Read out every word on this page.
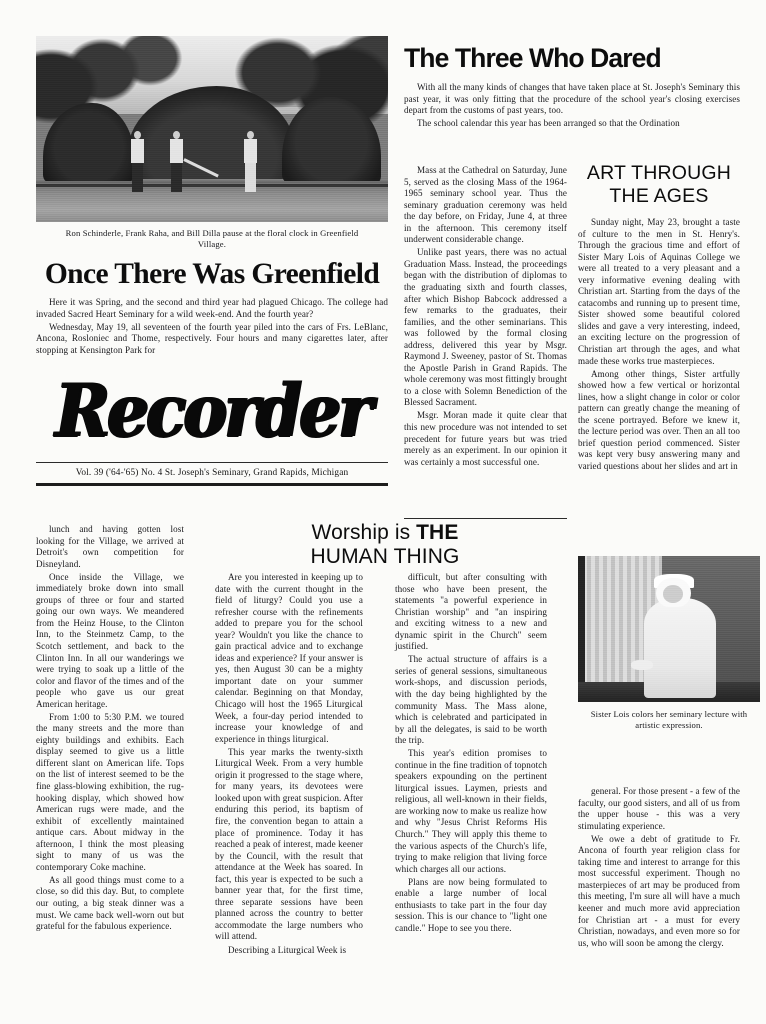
Ron Schinderle, Frank Raha, and Bill Dilla pause at the floral clock in Greenfield Village.
Once There Was Greenfield

Here it was Spring, and the second and third year had plagued Chicago. The college had invaded Sacred Heart Seminary for a wild week-end. And the fourth year?

Wednesday, May 19, all seventeen of the fourth year piled into the cars of Frs. LeBlanc, Ancona, Rosloniec and Thome, respectively. Four hours and many cigarettes later, after stopping at Kensington Park for

Recorder
Vol. 39 ('64-'65) No. 4 St. Joseph's Seminary, Grand Rapids, Michigan
The Three Who Dared

With all the many kinds of changes that have taken place at St. Joseph's Seminary this past year, it was only fitting that the procedure of the school year's closing exercises depart from the customs of past years, too.

The school calendar this year has been arranged so that the Ordination

Mass at the Cathedral on Saturday, June 5, served as the closing Mass of the 1964-1965 seminary school year. Thus the seminary graduation ceremony was held the day before, on Friday, June 4, at three in the afternoon. This ceremony itself underwent considerable change.

Unlike past years, there was no actual Graduation Mass. Instead, the proceedings began with the distribution of diplomas to the graduating sixth and fourth classes, after which Bishop Babcock addressed a few remarks to the graduates, their families, and the other seminarians. This was followed by the formal closing address, delivered this year by Msgr. Raymond J. Sweeney, pastor of St. Thomas the Apostle Parish in Grand Rapids. The whole ceremony was most fittingly brought to a close with Solemn Benediction of the Blessed Sacrament.

Msgr. Moran made it quite clear that this new procedure was not intended to set precedent for future years but was tried merely as an experiment. In our opinion it was certainly a most successful one.

ART THROUGH
THE AGES

Sunday night, May 23, brought a taste of culture to the men in St. Henry's. Through the gracious time and effort of Sister Mary Lois of Aquinas College we were all treated to a very pleasant and a very informative evening dealing with Christian art. Starting from the days of the catacombs and running up to present time, Sister showed some beautiful colored slides and gave a very interesting, indeed, an exciting lecture on the progression of Christian art through the ages, and what made these works true masterpieces.

Among other things, Sister artfully showed how a few vertical or horizontal lines, how a slight change in color or color pattern can greatly change the meaning of the scene portrayed. Before we knew it, the lecture period was over. Then an all too brief question period commenced. Sister was kept very busy answering many and varied questions about her slides and art in

lunch and having gotten lost looking for the Village, we arrived at Detroit's own competition for Disneyland.

Once inside the Village, we immediately broke down into small groups of three or four and started going our own ways. We meandered from the Heinz House, to the Clinton Inn, to the Steinmetz Camp, to the Scotch settlement, and back to the Clinton Inn. In all our wanderings we were trying to soak up a little of the color and flavor of the times and of the people who gave us our great American heritage.

From 1:00 to 5:30 P.M. we toured the many streets and the more than eighty buildings and exhibits. Each display seemed to give us a little different slant on American life. Tops on the list of interest seemed to be the fine glass-blowing exhibition, the rug-hooking display, which showed how American rugs were made, and the exhibit of excellently maintained antique cars. About midway in the afternoon, I think the most pleasing sight to many of us was the contemporary Coke machine.

As all good things must come to a close, so did this day. But, to complete our outing, a big steak dinner was a must. We came back well-worn out but grateful for the fabulous experience.

Worship is THE
HUMAN THING

Are you interested in keeping up to date with the current thought in the field of liturgy? Could you use a refresher course with the refinements added to prepare you for the school year? Wouldn't you like the chance to gain practical advice and to exchange ideas and experience? If your answer is yes, then August 30 can be a mighty important date on your summer calendar. Beginning on that Monday, Chicago will host the 1965 Liturgical Week, a four-day period intended to increase your knowledge of and experience in things liturgical.

This year marks the twenty-sixth Liturgical Week. From a very humble origin it progressed to the stage where, for many years, its devotees were looked upon with great suspicion. After enduring this period, its baptism of fire, the convention began to attain a place of prominence. Today it has reached a peak of interest, made keener by the Council, with the result that attendance at the Week has soared. In fact, this year is expected to be such a banner year that, for the first time, three separate sessions have been planned across the country to better accommodate the large numbers who will attend.

Describing a Liturgical Week is

difficult, but after consulting with those who have been present, the statements "a powerful experience in Christian worship" and "an inspiring and exciting witness to a new and dynamic spirit in the Church" seem justified.

The actual structure of affairs is a series of general sessions, simultaneous work-shops, and discussion periods, with the day being highlighted by the community Mass. The Mass alone, which is celebrated and participated in by all the delegates, is said to be worth the trip.

This year's edition promises to continue in the fine tradition of topnotch speakers expounding on the pertinent liturgical issues. Laymen, priests and religious, all well-known in their fields, are working now to make us realize how and why "Jesus Christ Reforms His Church." They will apply this theme to the various aspects of the Church's life, trying to make religion that living force which charges all our actions.

Plans are now being formulated to enable a large number of local enthusiasts to take part in the four day session. This is our chance to "light one candle." Hope to see you there.

Sister Lois colors her seminary lecture with artistic expression.

general. For those present - a few of the faculty, our good sisters, and all of us from the upper house - this was a very stimulating experience.

We owe a debt of gratitude to Fr. Ancona of fourth year religion class for taking time and interest to arrange for this most successful experiment. Though no masterpieces of art may be produced from this meeting, I'm sure all will have a much keener and much more avid appreciation for Christian art - a must for every Christian, nowadays, and even more so for us, who will soon be among the clergy.
